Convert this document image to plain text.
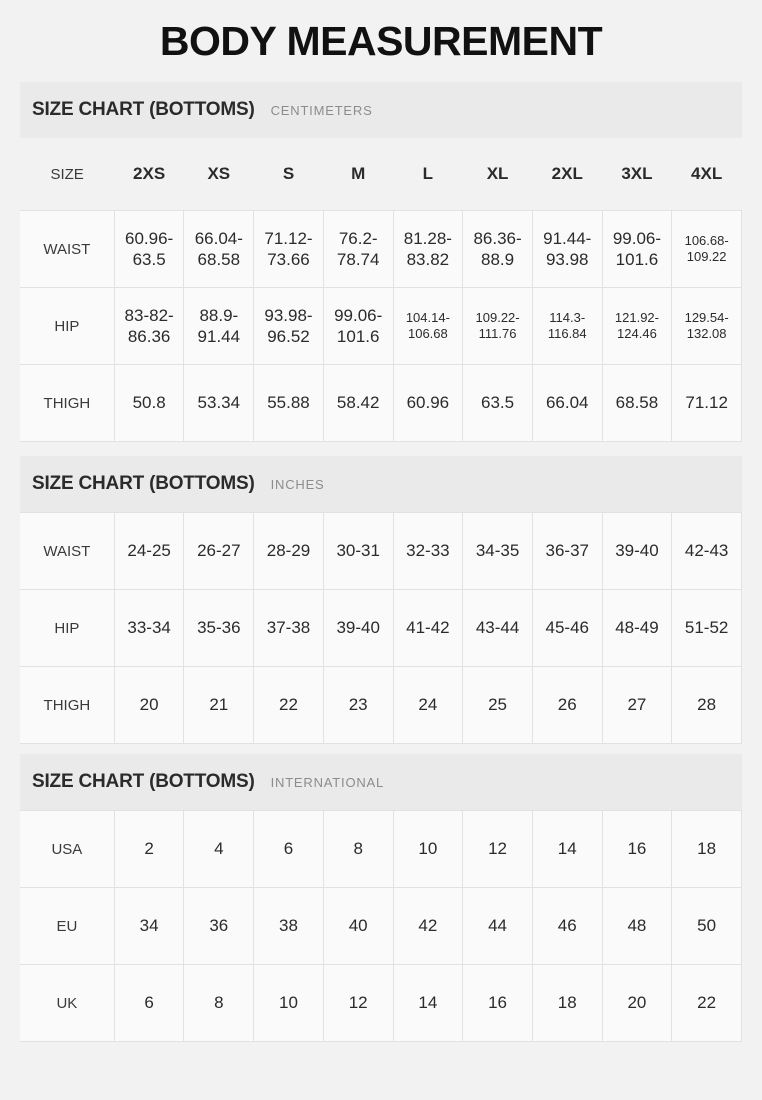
BODY MEASUREMENT
SIZE CHART (BOTTOMS) CENTIMETERS
SIZE	2XS	XS	S	M	L	XL	2XL	3XL	4XL
WAIST	60.96-63.5	66.04-68.58	71.12-73.66	76.2-78.74	81.28-83.82	86.36-88.9	91.44-93.98	99.06-101.6	106.68-109.22
HIP	83-82-86.36	88.9-91.44	93.98-96.52	99.06-101.6	104.14-106.68	109.22-111.76	114.3-116.84	121.92-124.46	129.54-132.08
THIGH	50.8	53.34	55.88	58.42	60.96	63.5	66.04	68.58	71.12
SIZE CHART (BOTTOMS) INCHES
WAIST	24-25	26-27	28-29	30-31	32-33	34-35	36-37	39-40	42-43
HIP	33-34	35-36	37-38	39-40	41-42	43-44	45-46	48-49	51-52
THIGH	20	21	22	23	24	25	26	27	28
SIZE CHART (BOTTOMS) INTERNATIONAL
USA	2	4	6	8	10	12	14	16	18
EU	34	36	38	40	42	44	46	48	50
UK	6	8	10	12	14	16	18	20	22
